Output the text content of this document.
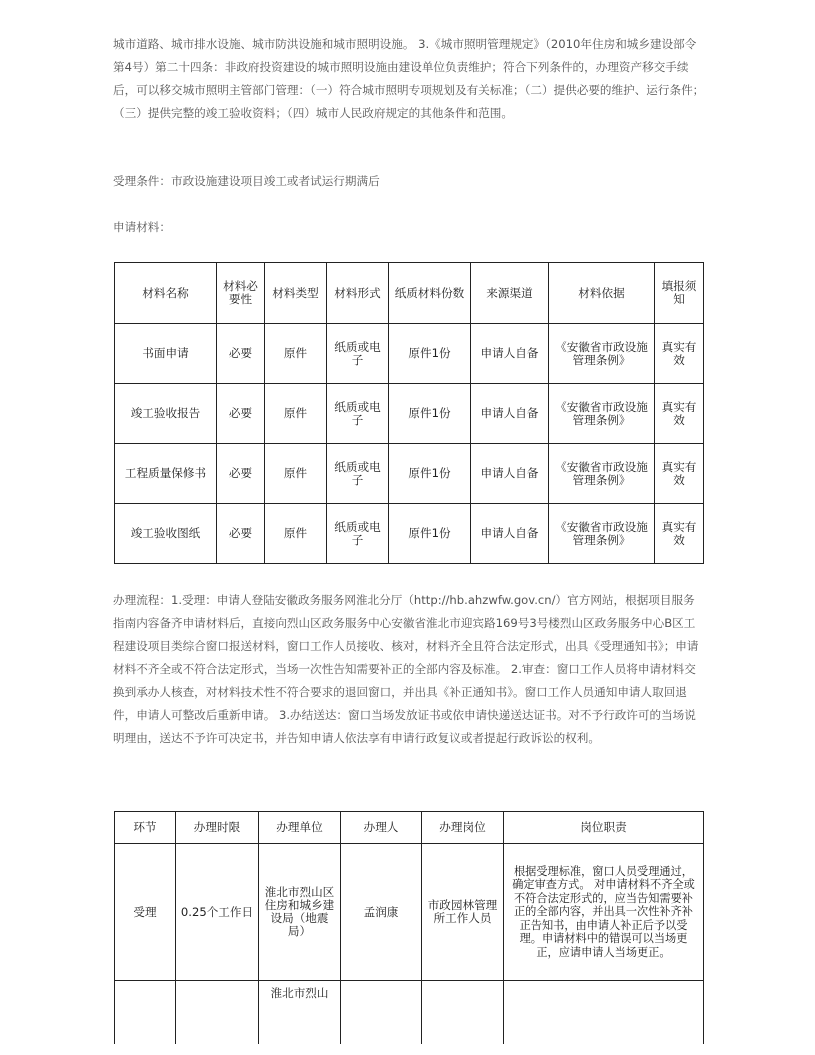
城市道路、城市排水设施、城市防洪设施和城市照明设施。 3.《城市照明管理规定》（2010年住房和城乡建设部令第4号）第二十四条：非政府投资建设的城市照明设施由建设单位负责维护；符合下列条件的，办理资产移交手续后，可以移交城市照明主管部门管理：（一）符合城市照明专项规划及有关标准；（二）提供必要的维护、运行条件；（三）提供完整的竣工验收资料；（四）城市人民政府规定的其他条件和范围。

受理条件：市政设施建设项目竣工或者试运行期满后

申请材料：

材料名称	材料必要性	材料类型	材料形式	纸质材料份数	来源渠道	材料依据	填报须知
书面申请	必要	原件	纸质或电子	原件1份	申请人自备	《安徽省市政设施管理条例》	真实有效
竣工验收报告	必要	原件	纸质或电子	原件1份	申请人自备	《安徽省市政设施管理条例》	真实有效
工程质量保修书	必要	原件	纸质或电子	原件1份	申请人自备	《安徽省市政设施管理条例》	真实有效
竣工验收图纸	必要	原件	纸质或电子	原件1份	申请人自备	《安徽省市政设施管理条例》	真实有效

办理流程：1.受理：申请人登陆安徽政务服务网淮北分厅（http://hb.ahzwfw.gov.cn/）官方网站，根据项目服务指南内容备齐申请材料后，直接向烈山区政务服务中心安徽省淮北市迎宾路169号3号楼烈山区政务服务中心B区工程建设项目类综合窗口报送材料，窗口工作人员接收、核对，材料齐全且符合法定形式，出具《受理通知书》；申请材料不齐全或不符合法定形式，当场一次性告知需要补正的全部内容及标准。 2.审查：窗口工作人员将申请材料交换到承办人核查，对材料技术性不符合要求的退回窗口，并出具《补正通知书》。窗口工作人员通知申请人取回退件，申请人可整改后重新申请。 3.办结送达：窗口当场发放证书或依申请快递送达证书。对不予行政许可的当场说明理由，送达不予许可决定书，并告知申请人依法享有申请行政复议或者提起行政诉讼的权利。

环节	办理时限	办理单位	办理人	办理岗位	岗位职责
受理	0.25个工作日	淮北市烈山区住房和城乡建设局（地震局）	孟润康	市政园林管理所工作人员	根据受理标准，窗口人员受理通过，确定审查方式。 对申请材料不齐全或不符合法定形式的，应当告知需要补正的全部内容，并出具一次性补齐补正告知书，由申请人补正后予以受理。申请材料中的错误可以当场更正，应请申请人当场更正。
		淮北市烈山			
